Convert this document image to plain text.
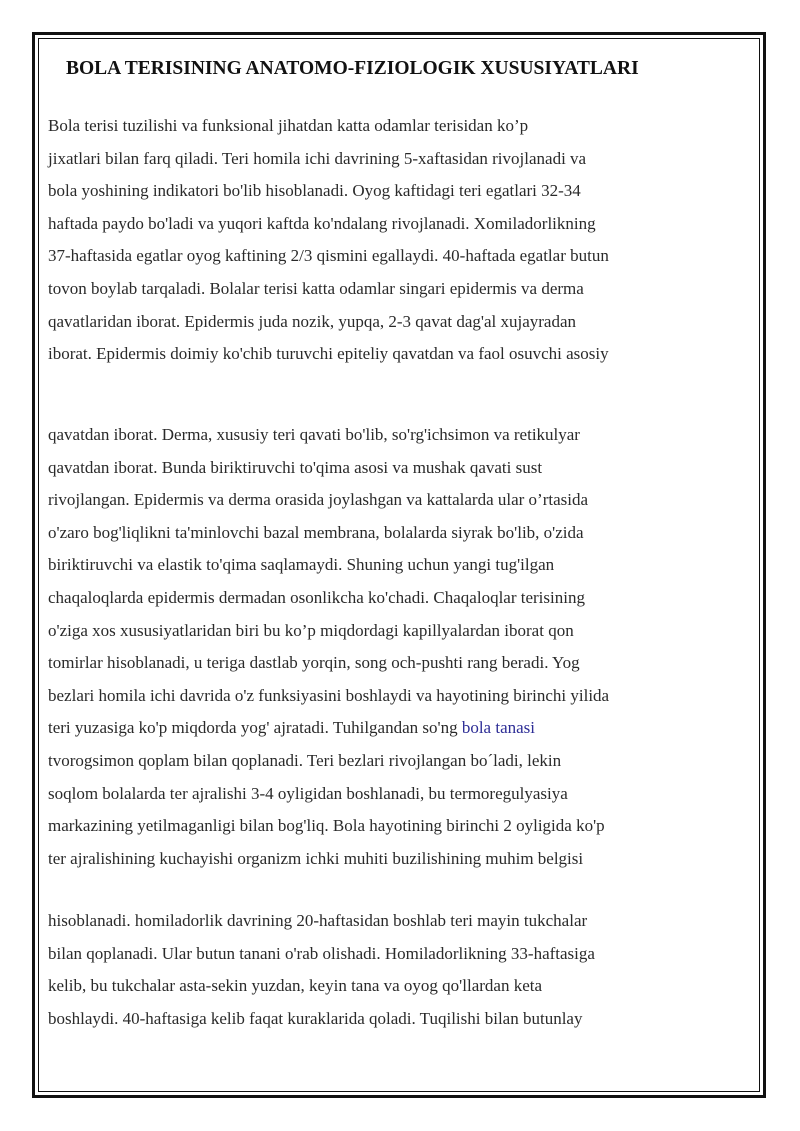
BOLA TERISINING ANATOMO-FIZIOLOGIK XUSUSIYATLARI

Bola terisi tuzilishi va funksional jihatdan katta odamlar terisidan ko’p
jixatlari bilan farq qiladi. Teri homila ichi davrining 5-xaftasidan rivojlanadi va
bola yoshining indikatori bo'lib hisoblanadi. Oyog kaftidagi teri egatlari 32-34
haftada paydo bo'ladi va yuqori kaftda ko'ndalang rivojlanadi. Xomiladorlikning
37-haftasida egatlar oyog kaftining 2/3 qismini egallaydi. 40-haftada egatlar butun
tovon boylab tarqaladi. Bolalar terisi katta odamlar singari epidermis va derma
qavatlaridan iborat. Epidermis juda nozik, yupqa, 2-3 qavat dag'al xujayradan
iborat. Epidermis doimiy ko'chib turuvchi epiteliy qavatdan va faol osuvchi asosiy

qavatdan iborat. Derma, xususiy teri qavati bo'lib, so'rg'ichsimon va retikulyar
qavatdan iborat. Bunda biriktiruvchi to'qima asosi va mushak qavati sust
rivojlangan. Epidermis va derma orasida joylashgan va kattalarda ular o’rtasida
o'zaro bog'liqlikni ta'minlovchi bazal membrana, bolalarda siyrak bo'lib, o'zida
biriktiruvchi va elastik to'qima saqlamaydi. Shuning uchun yangi tug'ilgan
chaqaloqlarda epidermis dermadan osonlikcha ko'chadi. Chaqaloqlar terisining
o'ziga xos xususiyatlaridan biri bu ko’p miqdordagi kapillyalardan iborat qon
tomirlar hisoblanadi, u teriga dastlab yorqin, song och-pushti rang beradi. Yog
bezlari homila ichi davrida o'z funksiyasini boshlaydi va hayotining birinchi yilida
teri yuzasiga ko'p miqdorda yog' ajratadi. Tuhilgandan so'ng bola tanasi
tvorogsimon qoplam bilan qoplanadi. Teri bezlari rivojlangan bo´ladi, lekin
soqlom bolalarda ter ajralishi 3-4 oyligidan boshlanadi, bu termoregulyasiya
markazining yetilmaganligi bilan bog'liq. Bola hayotining birinchi 2 oyligida ko'p
ter ajralishining kuchayishi organizm ichki muhiti buzilishining muhim belgisi

hisoblanadi. homiladorlik davrining 20-haftasidan boshlab teri mayin tukchalar
bilan qoplanadi. Ular butun tanani o'rab olishadi. Homiladorlikning 33-haftasiga
kelib, bu tukchalar asta-sekin yuzdan, keyin tana va oyog qo'llardan keta
boshlaydi. 40-haftasiga kelib faqat kuraklarida qoladi. Tuqilishi bilan butunlay
